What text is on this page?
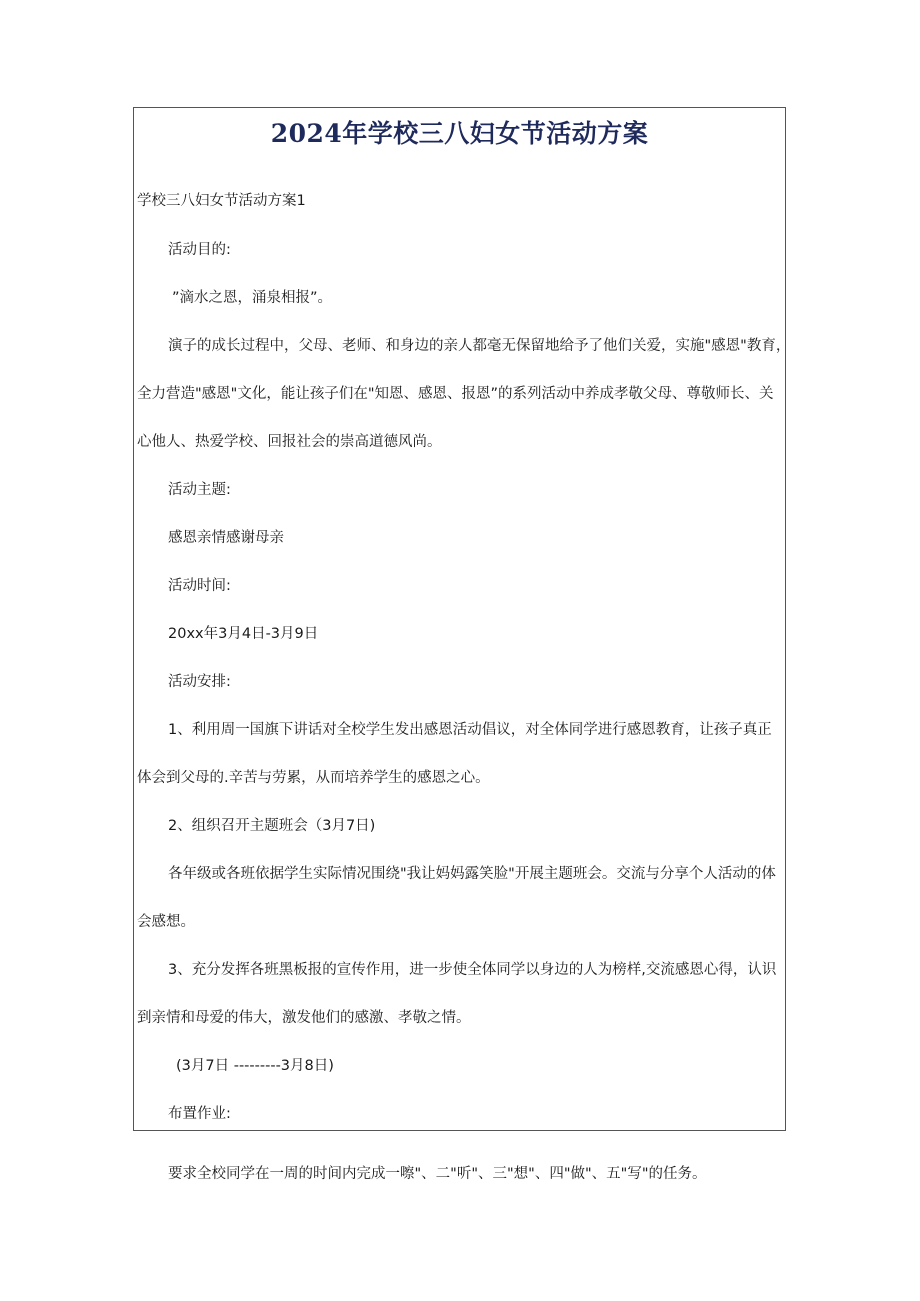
2024年学校三八妇女节活动方案

学校三八妇女节活动方案1

活动目的:

”滴水之恩，涌泉相报”。

演子的成长过程中，父母、老师、和身边的亲人都毫无保留地给予了他们关爱，实施"感恩"教育，

全力营造"感恩"文化，能让孩子们在"知恩、感恩、报恩”的系列活动中养成孝敬父母、尊敬师长、关

心他人、热爱学校、回报社会的崇高道德风尚。

活动主题:

感恩亲情感谢母亲

活动时间:

20xx年3月4日-3月9日

活动安排:

1、利用周一国旗下讲话对全校学生发出感恩活动倡议，对全体同学进行感恩教育，让孩子真正

体会到父母的.辛苦与劳累，从而培养学生的感恩之心。

2、组织召开主题班会（3月7日)

各年级或各班依据学生实际情况围绕"我让妈妈露笑脸"开展主题班会。交流与分享个人活动的体

会感想。

3、充分发挥各班黑板报的宣传作用，进一步使全体同学以身边的人为榜样,交流感恩心得，认识

到亲情和母爱的伟大，激发他们的感激、孝敬之情。

(3月7日 ---------3月8日)

布置作业:

要求全校同学在一周的时间内完成一嚓"、二"听"、三"想"、四"做"、五"写"的任务。
